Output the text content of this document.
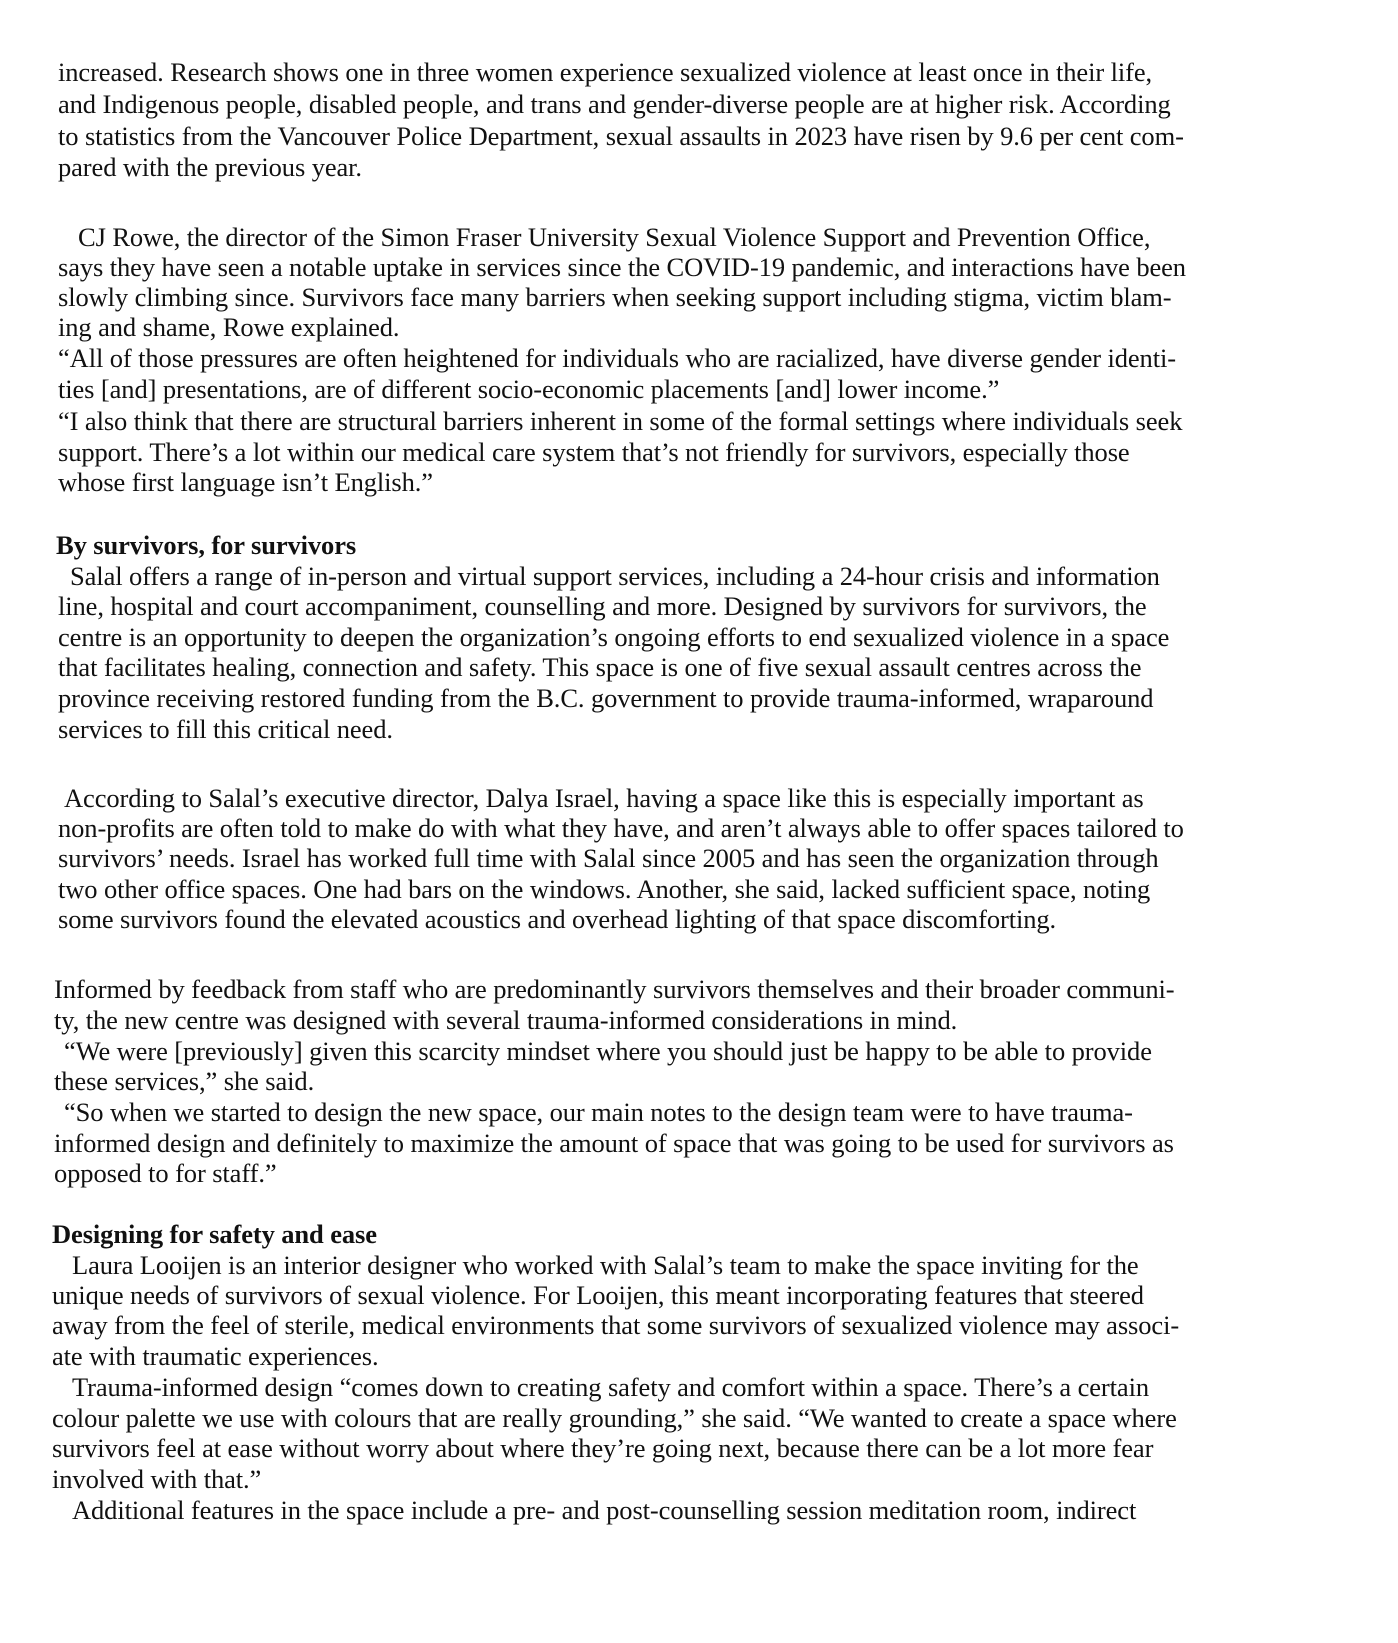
increased. Research shows one in three women experience sexualized violence at least once in their life,

and Indigenous people, disabled people, and trans and gender-diverse people are at higher risk. According

to statistics from the Vancouver Police Department, sexual assaults in 2023 have risen by 9.6 per cent com-

pared with the previous year.

CJ Rowe, the director of the Simon Fraser University Sexual Violence Support and Prevention Office,

says they have seen a notable uptake in services since the COVID-19 pandemic, and interactions have been

slowly climbing since. Survivors face many barriers when seeking support including stigma, victim blam-

ing and shame, Rowe explained.

“All of those pressures are often heightened for individuals who are racialized, have diverse gender identi-

ties [and] presentations, are of different socio-economic placements [and] lower income.”

“I also think that there are structural barriers inherent in some of the formal settings where individuals seek

support. There’s a lot within our medical care system that’s not friendly for survivors, especially those

whose first language isn’t English.”

By survivors, for survivors

Salal offers a range of in-person and virtual support services, including a 24-hour crisis and information

line, hospital and court accompaniment, counselling and more. Designed by survivors for survivors, the

centre is an opportunity to deepen the organization’s ongoing efforts to end sexualized violence in a space

that facilitates healing, connection and safety. This space is one of five sexual assault centres across the

province receiving restored funding from the B.C. government to provide trauma-informed, wraparound

services to fill this critical need.

According to Salal’s executive director, Dalya Israel, having a space like this is especially important as

non-profits are often told to make do with what they have, and aren’t always able to offer spaces tailored to

survivors’ needs. Israel has worked full time with Salal since 2005 and has seen the organization through

two other office spaces. One had bars on the windows. Another, she said, lacked sufficient space, noting

some survivors found the elevated acoustics and overhead lighting of that space discomforting.

Informed by feedback from staff who are predominantly survivors themselves and their broader communi-

ty, the new centre was designed with several trauma-informed considerations in mind.

“We were [previously] given this scarcity mindset where you should just be happy to be able to provide

these services,” she said.

“So when we started to design the new space, our main notes to the design team were to have trauma-

informed design and definitely to maximize the amount of space that was going to be used for survivors as

opposed to for staff.”

Designing for safety and ease

Laura Looijen is an interior designer who worked with Salal’s team to make the space inviting for the

unique needs of survivors of sexual violence. For Looijen, this meant incorporating features that steered

away from the feel of sterile, medical environments that some survivors of sexualized violence may associ-

ate with traumatic experiences.

Trauma-informed design “comes down to creating safety and comfort within a space. There’s a certain

colour palette we use with colours that are really grounding,” she said. “We wanted to create a space where

survivors feel at ease without worry about where they’re going next, because there can be a lot more fear

involved with that.”

Additional features in the space include a pre- and post-counselling session meditation room, indirect
